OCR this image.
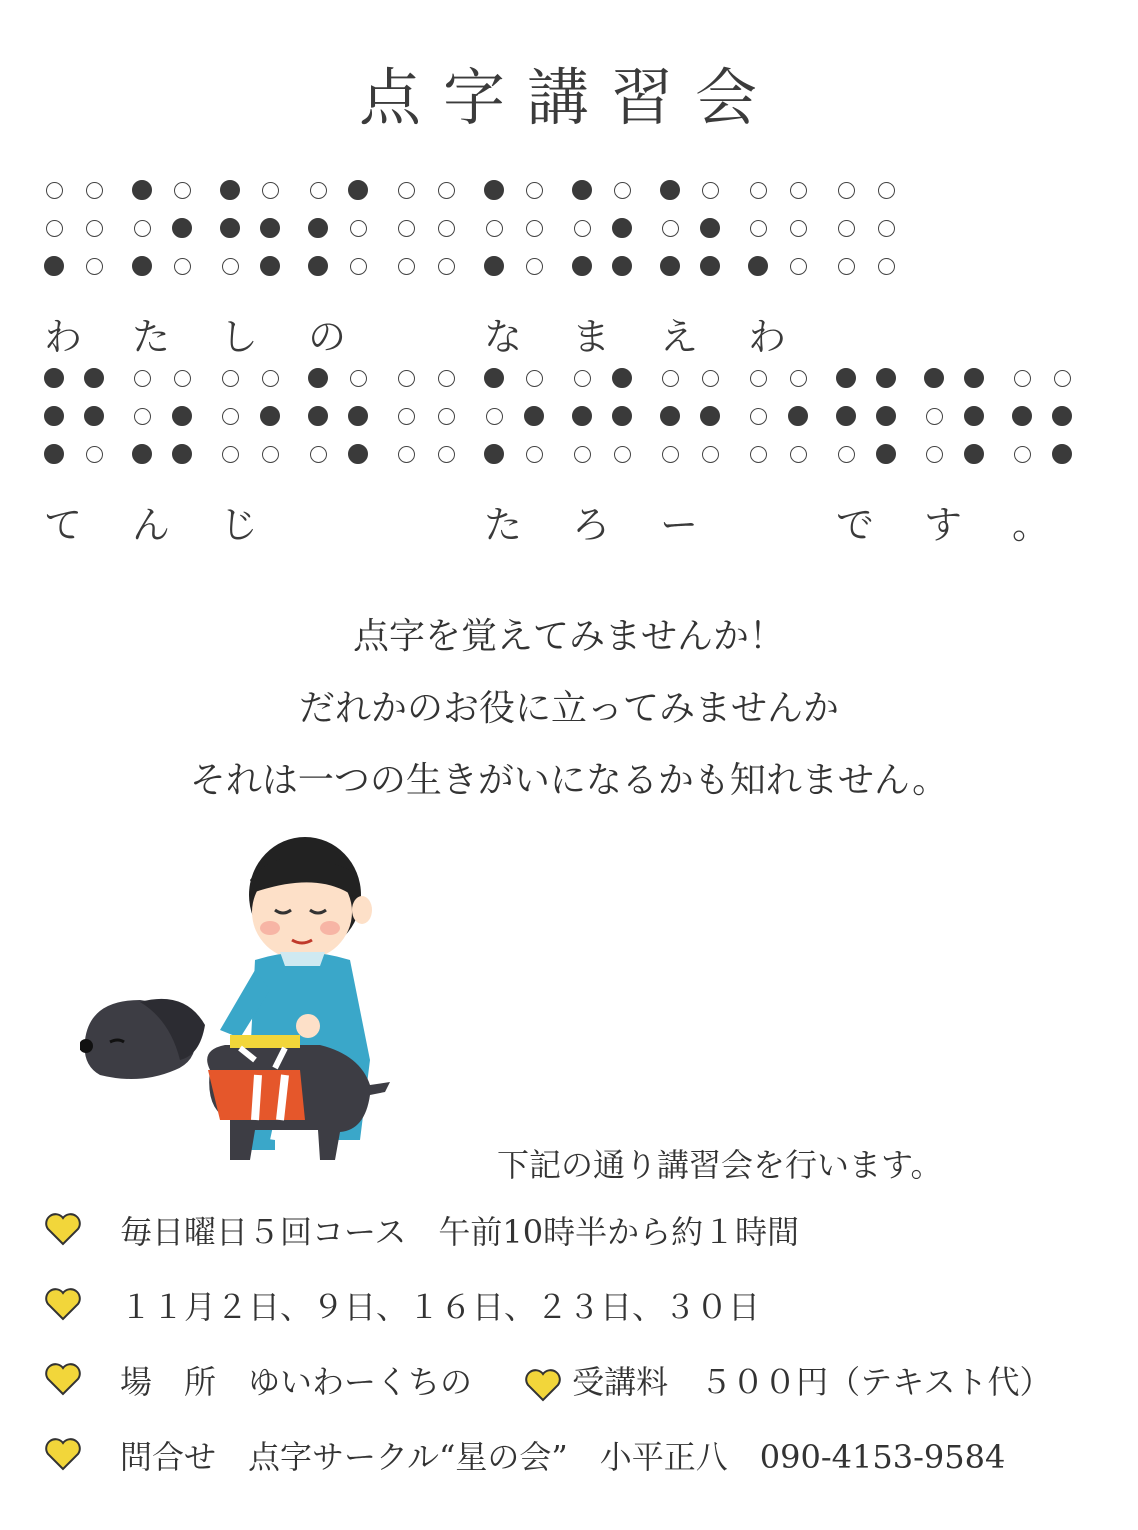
点字講習会
わ	た	し	の	な	ま	え	わ
て	ん	じ	た	ろ	ー	で	す	。
点字を覚えてみませんか！
だれかのお役に立ってみませんか
それは一つの生きがいになるかも知れません。
下記の通り講習会を行います。
毎日曜日５回コース　午前10時半から約１時間
１１月２日、９日、１６日、２３日、３０日
場　所　ゆいわーくちの	受講料　５００円（テキスト代）
問合せ　点字サークル“星の会”　小平正八　090-4153-9584
